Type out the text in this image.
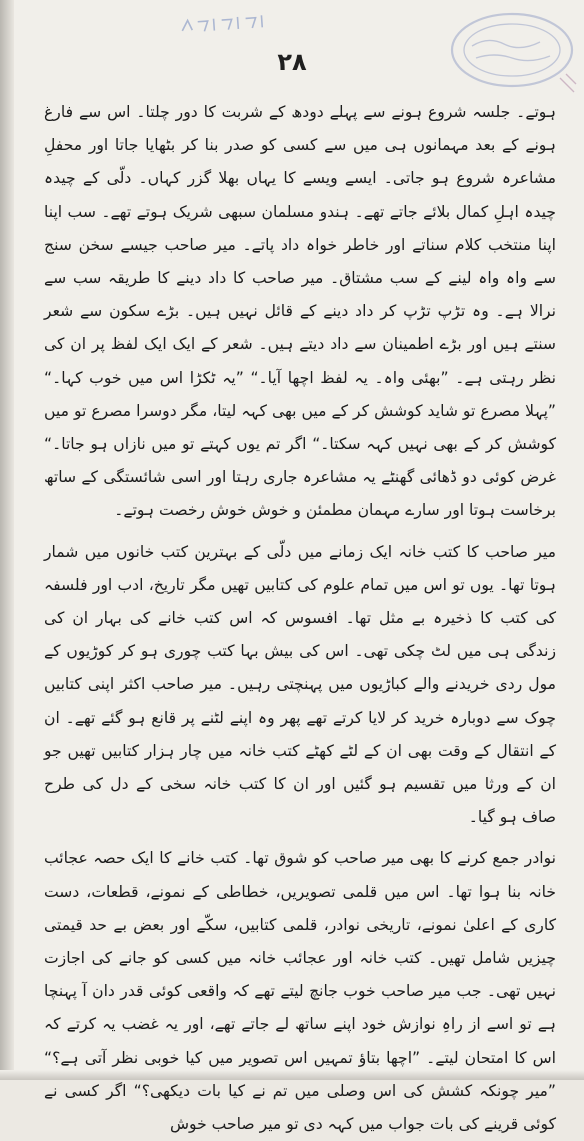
۲۸

ہوتے۔ جلسہ شروع ہونے سے پہلے دودھ کے شربت کا دور چلتا۔ اس سے فارغ ہونے کے بعد مہمانوں ہی میں سے کسی کو صدر بنا کر بٹھایا جاتا اور محفلِ مشاعرہ شروع ہو جاتی۔ ایسے ویسے کا یہاں بھلا گزر کہاں۔ دلّی کے چیدہ چیدہ اہلِ کمال بلائے جاتے تھے۔ ہندو مسلمان سبھی شریک ہوتے تھے۔ سب اپنا اپنا منتخب کلام سناتے اور خاطر خواہ داد پاتے۔ میر صاحب جیسے سخن سنج سے واہ واہ لینے کے سب مشتاق۔ میر صاحب کا داد دینے کا طریقہ سب سے نرالا ہے۔ وہ تڑپ تڑپ کر داد دینے کے قائل نہیں ہیں۔ بڑے سکون سے شعر سنتے ہیں اور بڑے اطمینان سے داد دیتے ہیں۔ شعر کے ایک ایک لفظ پر ان کی نظر رہتی ہے۔ ”بھئی واہ۔ یہ لفظ اچھا آیا۔“ ”یہ ٹکڑا اس میں خوب کہا۔“ ”پہلا مصرع تو شاید کوشش کر کے میں بھی کہہ لیتا، مگر دوسرا مصرع تو میں کوشش کر کے بھی نہیں کہہ سکتا۔“ اگر تم یوں کہتے تو میں نازاں ہو جاتا۔“ غرض کوئی دو ڈھائی گھنٹے یہ مشاعرہ جاری رہتا اور اسی شائستگی کے ساتھ برخاست ہوتا اور سارے مہمان مطمئن و خوش خوش رخصت ہوتے۔

میر صاحب کا کتب خانہ ایک زمانے میں دلّی کے بہترین کتب خانوں میں شمار ہوتا تھا۔ یوں تو اس میں تمام علوم کی کتابیں تھیں مگر تاریخ، ادب اور فلسفہ کی کتب کا ذخیرہ بے مثل تھا۔ افسوس کہ اس کتب خانے کی بہار ان کی زندگی ہی میں لٹ چکی تھی۔ اس کی بیش بہا کتب چوری ہو کر کوڑیوں کے مول ردی خریدنے والے کباڑیوں میں پہنچتی رہیں۔ میر صاحب اکثر اپنی کتابیں چوک سے دوبارہ خرید کر لایا کرتے تھے پھر وہ اپنے لٹنے پر قانع ہو گئے تھے۔ ان کے انتقال کے وقت بھی ان کے لٹے کھٹے کتب خانہ میں چار ہزار کتابیں تھیں جو ان کے ورثا میں تقسیم ہو گئیں اور ان کا کتب خانہ سخی کے دل کی طرح صاف ہو گیا۔

نوادر جمع کرنے کا بھی میر صاحب کو شوق تھا۔ کتب خانے کا ایک حصہ عجائب خانہ بنا ہوا تھا۔ اس میں قلمی تصویریں، خطاطی کے نمونے، قطعات، دست کاری کے اعلیٰ نمونے، تاریخی نوادر، قلمی کتابیں، سکّے اور بعض بے حد قیمتی چیزیں شامل تھیں۔ کتب خانہ اور عجائب خانہ میں کسی کو جانے کی اجازت نہیں تھی۔ جب میر صاحب خوب جانچ لیتے تھے کہ واقعی کوئی قدر دان آ پہنچا ہے تو اسے از راہِ نوازش خود اپنے ساتھ لے جاتے تھے، اور یہ غضب یہ کرتے کہ اس کا امتحان لیتے۔ ”اچھا بتاؤ تمہیں اس تصویر میں کیا خوبی نظر آتی ہے؟“ ”میر چونکہ کشش کی اس وصلی میں تم نے کیا بات دیکھی؟“ اگر کسی نے کوئی قرینے کی بات جواب میں کہہ دی تو میر صاحب خوش
